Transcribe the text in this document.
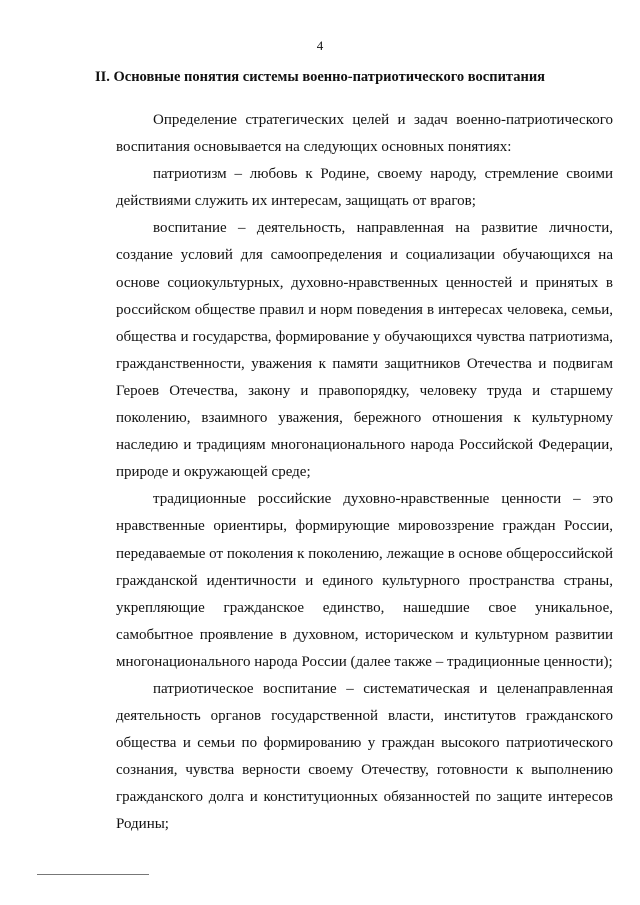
4
II. Основные понятия системы военно-патриотического воспитания

Определение стратегических целей и задач военно-патриотического воспитания основывается на следующих основных понятиях:

патриотизм – любовь к Родине, своему народу, стремление своими действиями служить их интересам, защищать от врагов;

воспитание – деятельность, направленная на развитие личности, создание условий для самоопределения и социализации обучающихся на основе социокультурных, духовно-нравственных ценностей и принятых в российском обществе правил и норм поведения в интересах человека, семьи, общества и государства, формирование у обучающихся чувства патриотизма, гражданственности, уважения к памяти защитников Отечества и подвигам Героев Отечества, закону и правопорядку, человеку труда и старшему поколению, взаимного уважения, бережного отношения к культурному наследию и традициям многонационального народа Российской Федерации, природе и окружающей среде;

традиционные российские духовно-нравственные ценности – это нравственные ориентиры, формирующие мировоззрение граждан России, передаваемые от поколения к поколению, лежащие в основе общероссийской гражданской идентичности и единого культурного пространства страны, укрепляющие гражданское единство, нашедшие свое уникальное, самобытное проявление в духовном, историческом и культурном развитии многонационального народа России (далее также – традиционные ценности);

патриотическое воспитание – систематическая и целенаправленная деятельность органов государственной власти, институтов гражданского общества и семьи по формированию у граждан высокого патриотического сознания, чувства верности своему Отечеству, готовности к выполнению гражданского долга и конституционных обязанностей по защите интересов Родины;
